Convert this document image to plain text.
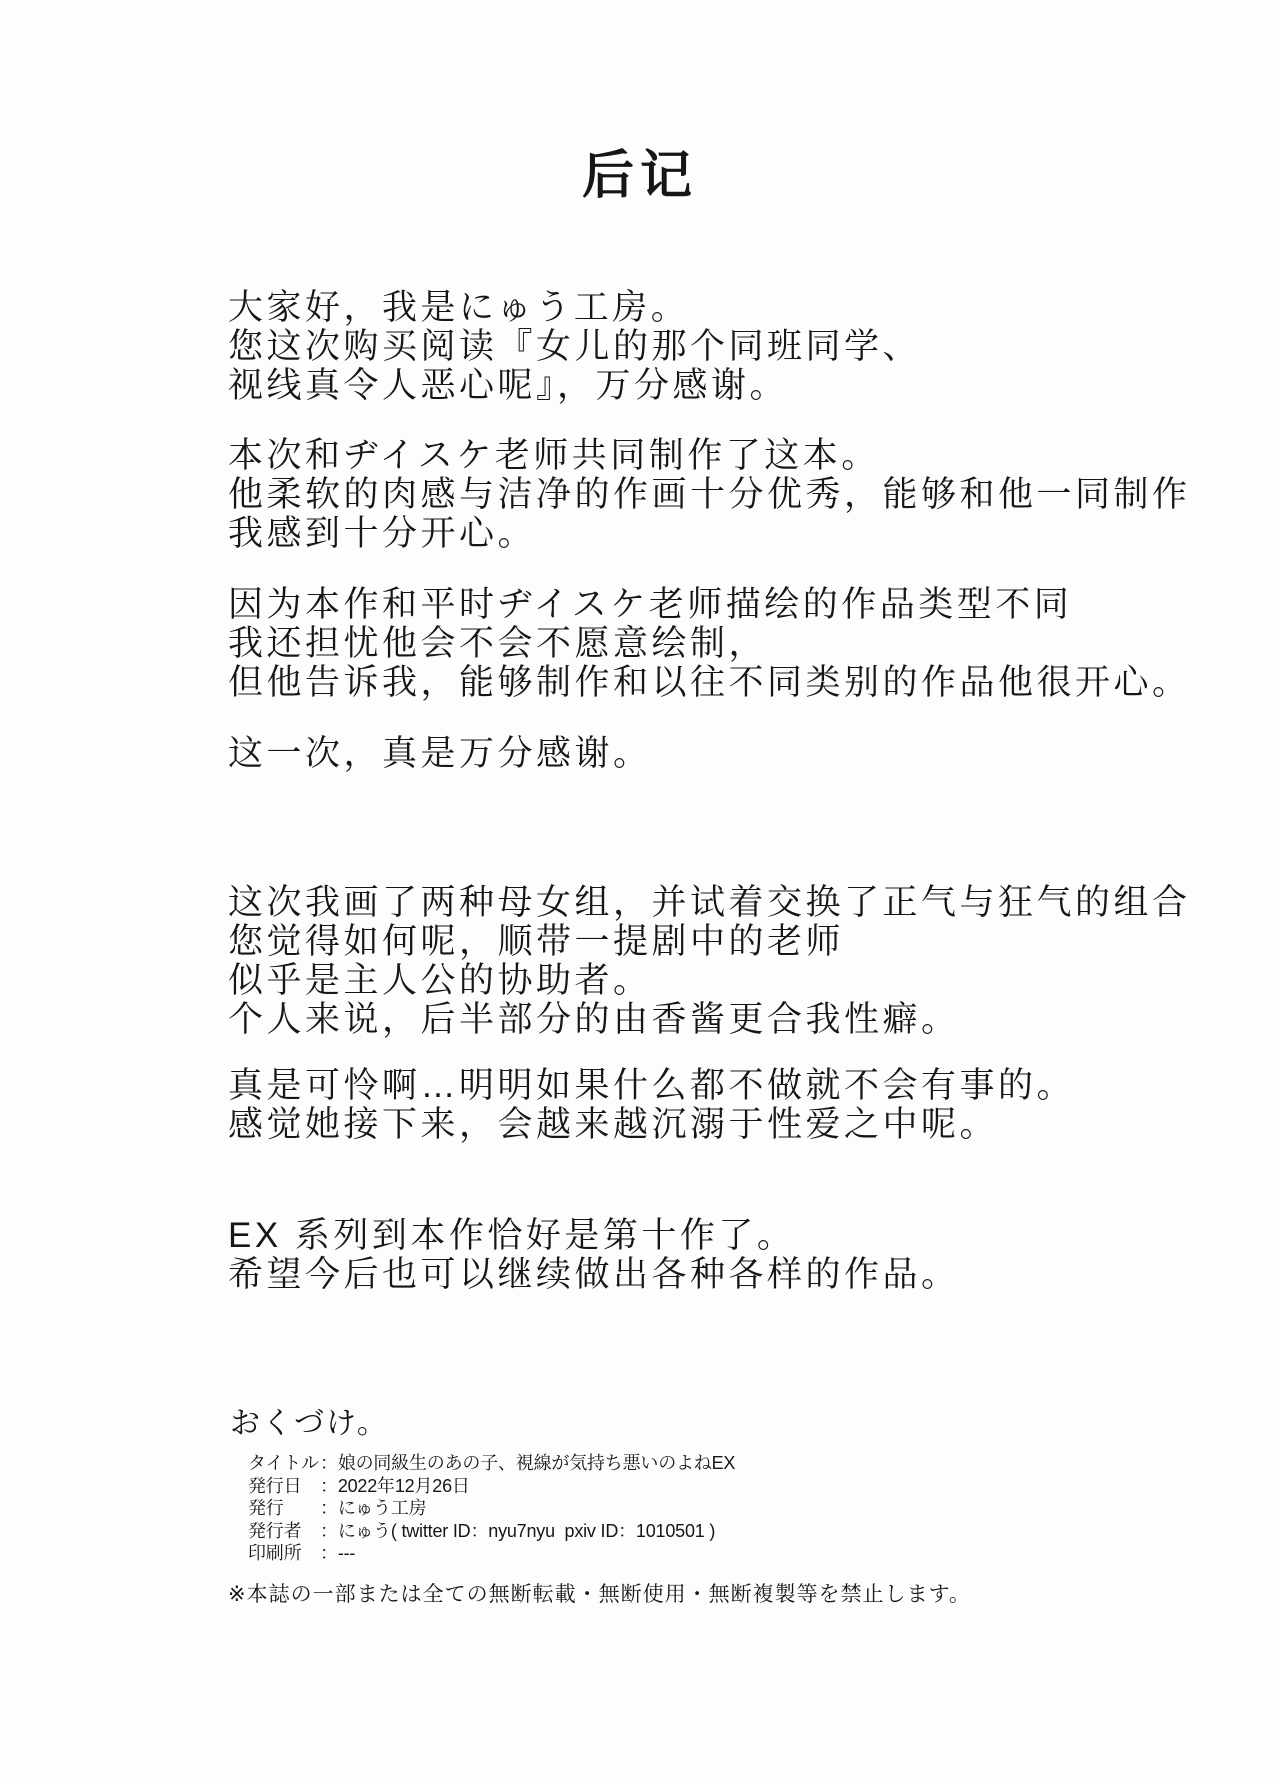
后记
大家好，我是にゅう工房。
您这次购买阅读『女儿的那个同班同学、
视线真令人恶心呢』，万分感谢。
本次和ヂイスケ老师共同制作了这本。
他柔软的肉感与洁净的作画十分优秀，能够和他一同制作
我感到十分开心。
因为本作和平时ヂイスケ老师描绘的作品类型不同
我还担忧他会不会不愿意绘制，
但他告诉我，能够制作和以往不同类别的作品他很开心。
这一次，真是万分感谢。
这次我画了两种母女组，并试着交换了正气与狂气的组合
您觉得如何呢，顺带一提剧中的老师
似乎是主人公的协助者。
个人来说，后半部分的由香酱更合我性癖。
真是可怜啊…明明如果什么都不做就不会有事的。
感觉她接下来，会越来越沉溺于性爱之中呢。
EX 系列到本作恰好是第十作了。
希望今后也可以继续做出各种各样的作品。
おくづけ。
タイトル ： 娘の同級生のあの子、視線が気持ち悪いのよねEX
発行日	： 2022年12月26日
発行	： にゅう工房
発行者	： にゅう( twitter ID：nyu7nyu  pxiv ID：1010501 )
印刷所	： ---
※本誌の一部または全ての無断転載・無断使用・無断複製等を禁止します。
